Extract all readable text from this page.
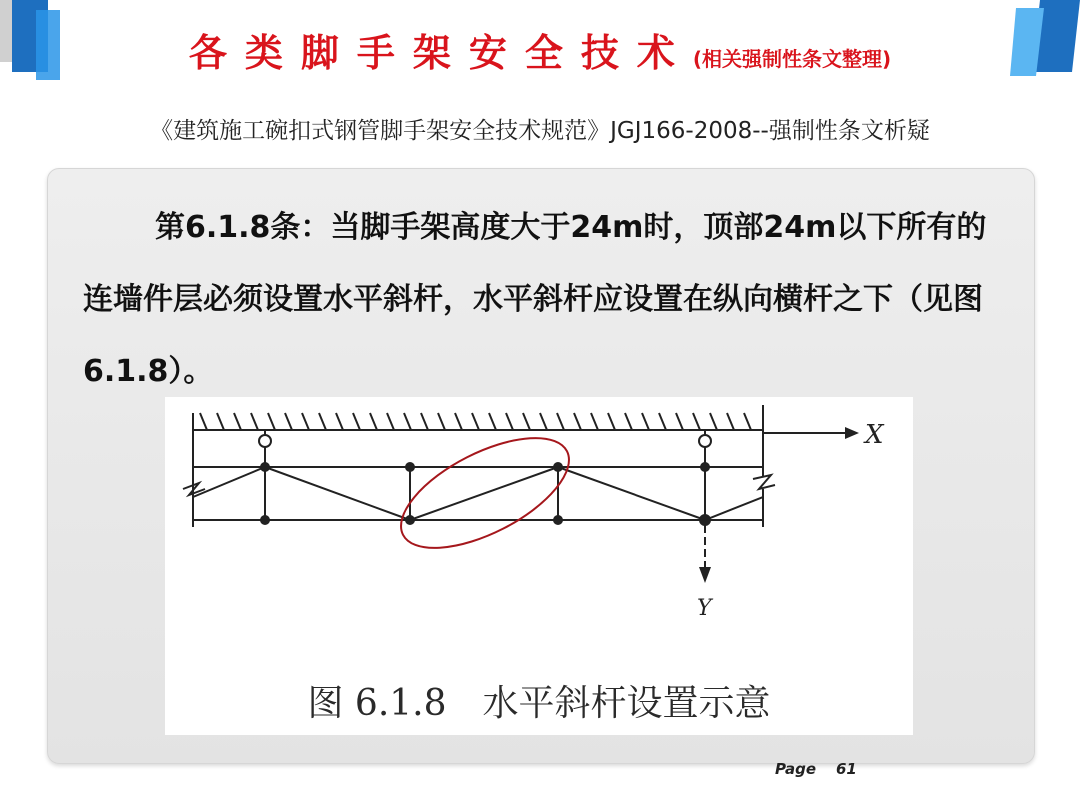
各类脚手架安全技术(相关强制性条文整理)
《建筑施工碗扣式钢管脚手架安全技术规范》JGJ166-2008--强制性条文析疑

第6.1.8条：当脚手架高度大于24m时，顶部24m以下所有的连墙件层必须设置水平斜杆，水平斜杆应设置在纵向横杆之下（见图6.1.8）。

X
Y
图 6.1.8　水平斜杆设置示意
Page 61
